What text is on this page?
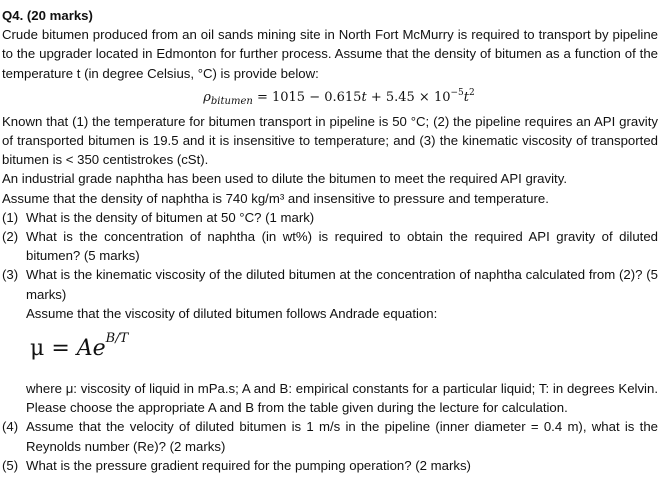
Q4. (20 marks)
Crude bitumen produced from an oil sands mining site in North Fort McMurry is required to transport by pipeline to the upgrader located in Edmonton for further process. Assume that the density of bitumen as a function of the temperature t (in degree Celsius, °C) is provide below:
$\rho_{bitumen} = 1015 - 0.615t + 5.45 \times 10^{-5}t^2$
Known that (1) the temperature for bitumen transport in pipeline is 50 °C; (2) the pipeline requires an API gravity of transported bitumen is 19.5 and it is insensitive to temperature; and (3) the kinematic viscosity of transported bitumen is < 350 centistrokes (cSt).
An industrial grade naphtha has been used to dilute the bitumen to meet the required API gravity.
Assume that the density of naphtha is 740 kg/m³ and insensitive to pressure and temperature.
(1) What is the density of bitumen at 50 °C? (1 mark)
(2) What is the concentration of naphtha (in wt%) is required to obtain the required API gravity of diluted bitumen? (5 marks)
(3) What is the kinematic viscosity of the diluted bitumen at the concentration of naphtha calculated from (2)? (5 marks)
Assume that the viscosity of diluted bitumen follows Andrade equation:
μ
=
Ae B/T
where μ: viscosity of liquid in mPa.s; A and B: empirical constants for a particular liquid; T: in degrees Kelvin. Please choose the appropriate A and B from the table given during the lecture for calculation.
(4) Assume that the velocity of diluted bitumen is 1 m/s in the pipeline (inner diameter = 0.4 m), what is the Reynolds number (Re)? (2 marks)
(5) What is the pressure gradient required for the pumping operation? (2 marks)
